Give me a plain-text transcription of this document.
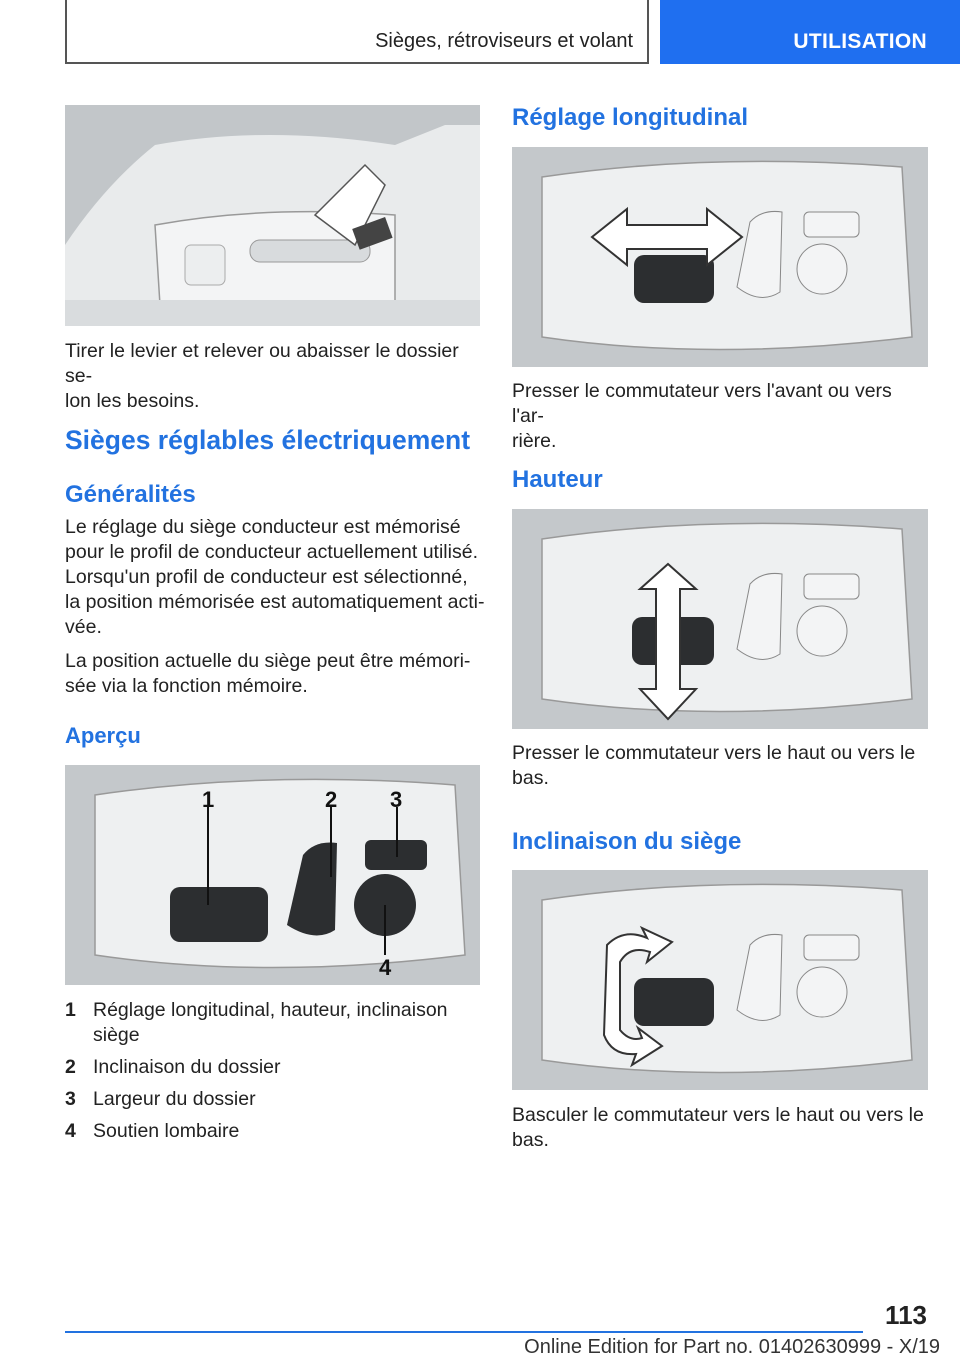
Sièges, rétroviseurs et volant	UTILISATION
Tirer le levier et relever ou abaisser le dossier se-
lon les besoins.
Sièges réglables électriquement
Généralités
Le réglage du siège conducteur est mémorisé
pour le profil de conducteur actuellement utilisé.
Lorsqu'un profil de conducteur est sélectionné,
la position mémorisée est automatiquement acti-
vée.
La position actuelle du siège peut être mémori-
sée via la fonction mémoire.
Aperçu
1	2 3
4
1 Réglage longitudinal, hauteur, inclinaison
siège
2 Inclinaison du dossier
3 Largeur du dossier
4 Soutien lombaire
Réglage longitudinal
Presser le commutateur vers l'avant ou vers l'ar-
rière.
Hauteur
Presser le commutateur vers le haut ou vers le
bas.
Inclinaison du siège
Basculer le commutateur vers le haut ou vers le
bas.
113
Online Edition for Part no. 01402630999 - X/19
